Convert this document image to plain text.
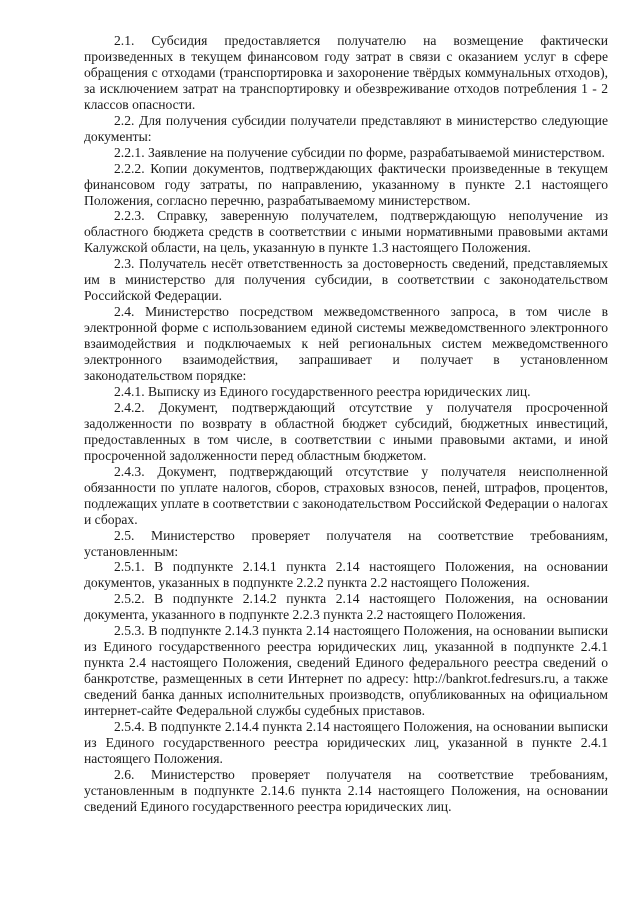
2.1. Субсидия предоставляется получателю на возмещение фактически произведенных в текущем финансовом году затрат в связи с оказанием услуг в сфере обращения с отходами (транспортировка и захоронение твёрдых коммунальных отходов), за исключением затрат на транспортировку и обезвреживание отходов потребления 1 - 2 классов опасности.

2.2. Для получения субсидии получатели представляют в министерство следующие документы:

2.2.1. Заявление на получение субсидии по форме, разрабатываемой министерством.

2.2.2. Копии документов, подтверждающих фактически произведенные в текущем финансовом году затраты, по направлению, указанному в пункте 2.1 настоящего Положения, согласно перечню, разрабатываемому министерством.

2.2.3. Справку, заверенную получателем, подтверждающую неполучение из областного бюджета средств в соответствии с иными нормативными правовыми актами Калужской области, на цель, указанную в пункте 1.3 настоящего Положения.

2.3. Получатель несёт ответственность за достоверность сведений, представляемых им в министерство для получения субсидии, в соответствии с законодательством Российской Федерации.

2.4. Министерство посредством межведомственного запроса, в том числе в электронной форме с использованием единой системы межведомственного электронного взаимодействия и подключаемых к ней региональных систем межведомственного электронного взаимодействия, запрашивает и получает в установленном законодательством порядке:

2.4.1. Выписку из Единого государственного реестра юридических лиц.

2.4.2. Документ, подтверждающий отсутствие у получателя просроченной задолженности по возврату в областной бюджет субсидий, бюджетных инвестиций, предоставленных в том числе, в соответствии с иными правовыми актами, и иной просроченной задолженности перед областным бюджетом.

2.4.3. Документ, подтверждающий отсутствие у получателя неисполненной обязанности по уплате налогов, сборов, страховых взносов, пеней, штрафов, процентов, подлежащих уплате в соответствии с законодательством Российской Федерации о налогах и сборах.

2.5. Министерство проверяет получателя на соответствие требованиям, установленным:

2.5.1. В подпункте 2.14.1 пункта 2.14 настоящего Положения, на основании документов, указанных в подпункте 2.2.2 пункта 2.2 настоящего Положения.

2.5.2. В подпункте 2.14.2 пункта 2.14 настоящего Положения, на основании документа, указанного в подпункте 2.2.3 пункта 2.2 настоящего Положения.

2.5.3. В подпункте 2.14.3 пункта 2.14 настоящего Положения, на основании выписки из Единого государственного реестра юридических лиц, указанной в подпункте 2.4.1 пункта 2.4 настоящего Положения, сведений Единого федерального реестра сведений о банкротстве, размещенных в сети Интернет по адресу: http://bankrot.fedresurs.ru, а также сведений банка данных исполнительных производств, опубликованных на официальном интернет-сайте Федеральной службы судебных приставов.

2.5.4. В подпункте 2.14.4 пункта 2.14 настоящего Положения, на основании выписки из Единого государственного реестра юридических лиц, указанной в пункте 2.4.1 настоящего Положения.

2.6. Министерство проверяет получателя на соответствие требованиям, установленным в подпункте 2.14.6 пункта 2.14 настоящего Положения, на основании сведений Единого государственного реестра юридических лиц.
